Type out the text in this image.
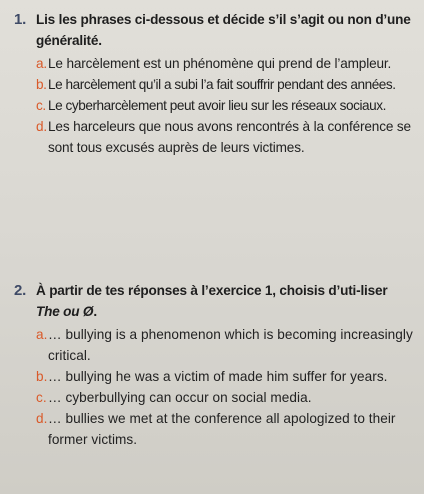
1. Lis les phrases ci-dessous et décide s’il s’agit ou non d’une généralité.
a. Le harcèlement est un phénomène qui prend de l’ampleur.
b. Le harcèlement qu’il a subi l’a fait souffrir pendant des années.
c. Le cyberharcèlement peut avoir lieu sur les réseaux sociaux.
d. Les harceleurs que nous avons rencontrés à la conférence se sont tous excusés auprès de leurs victimes.
2. À partir de tes réponses à l’exercice 1, choisis d’uti-liser The ou Ø.
a. … bullying is a phenomenon which is becoming increasingly critical.
b. … bullying he was a victim of made him suffer for years.
c. … cyberbullying can occur on social media.
d. … bullies we met at the conference all apologized to their former victims.
